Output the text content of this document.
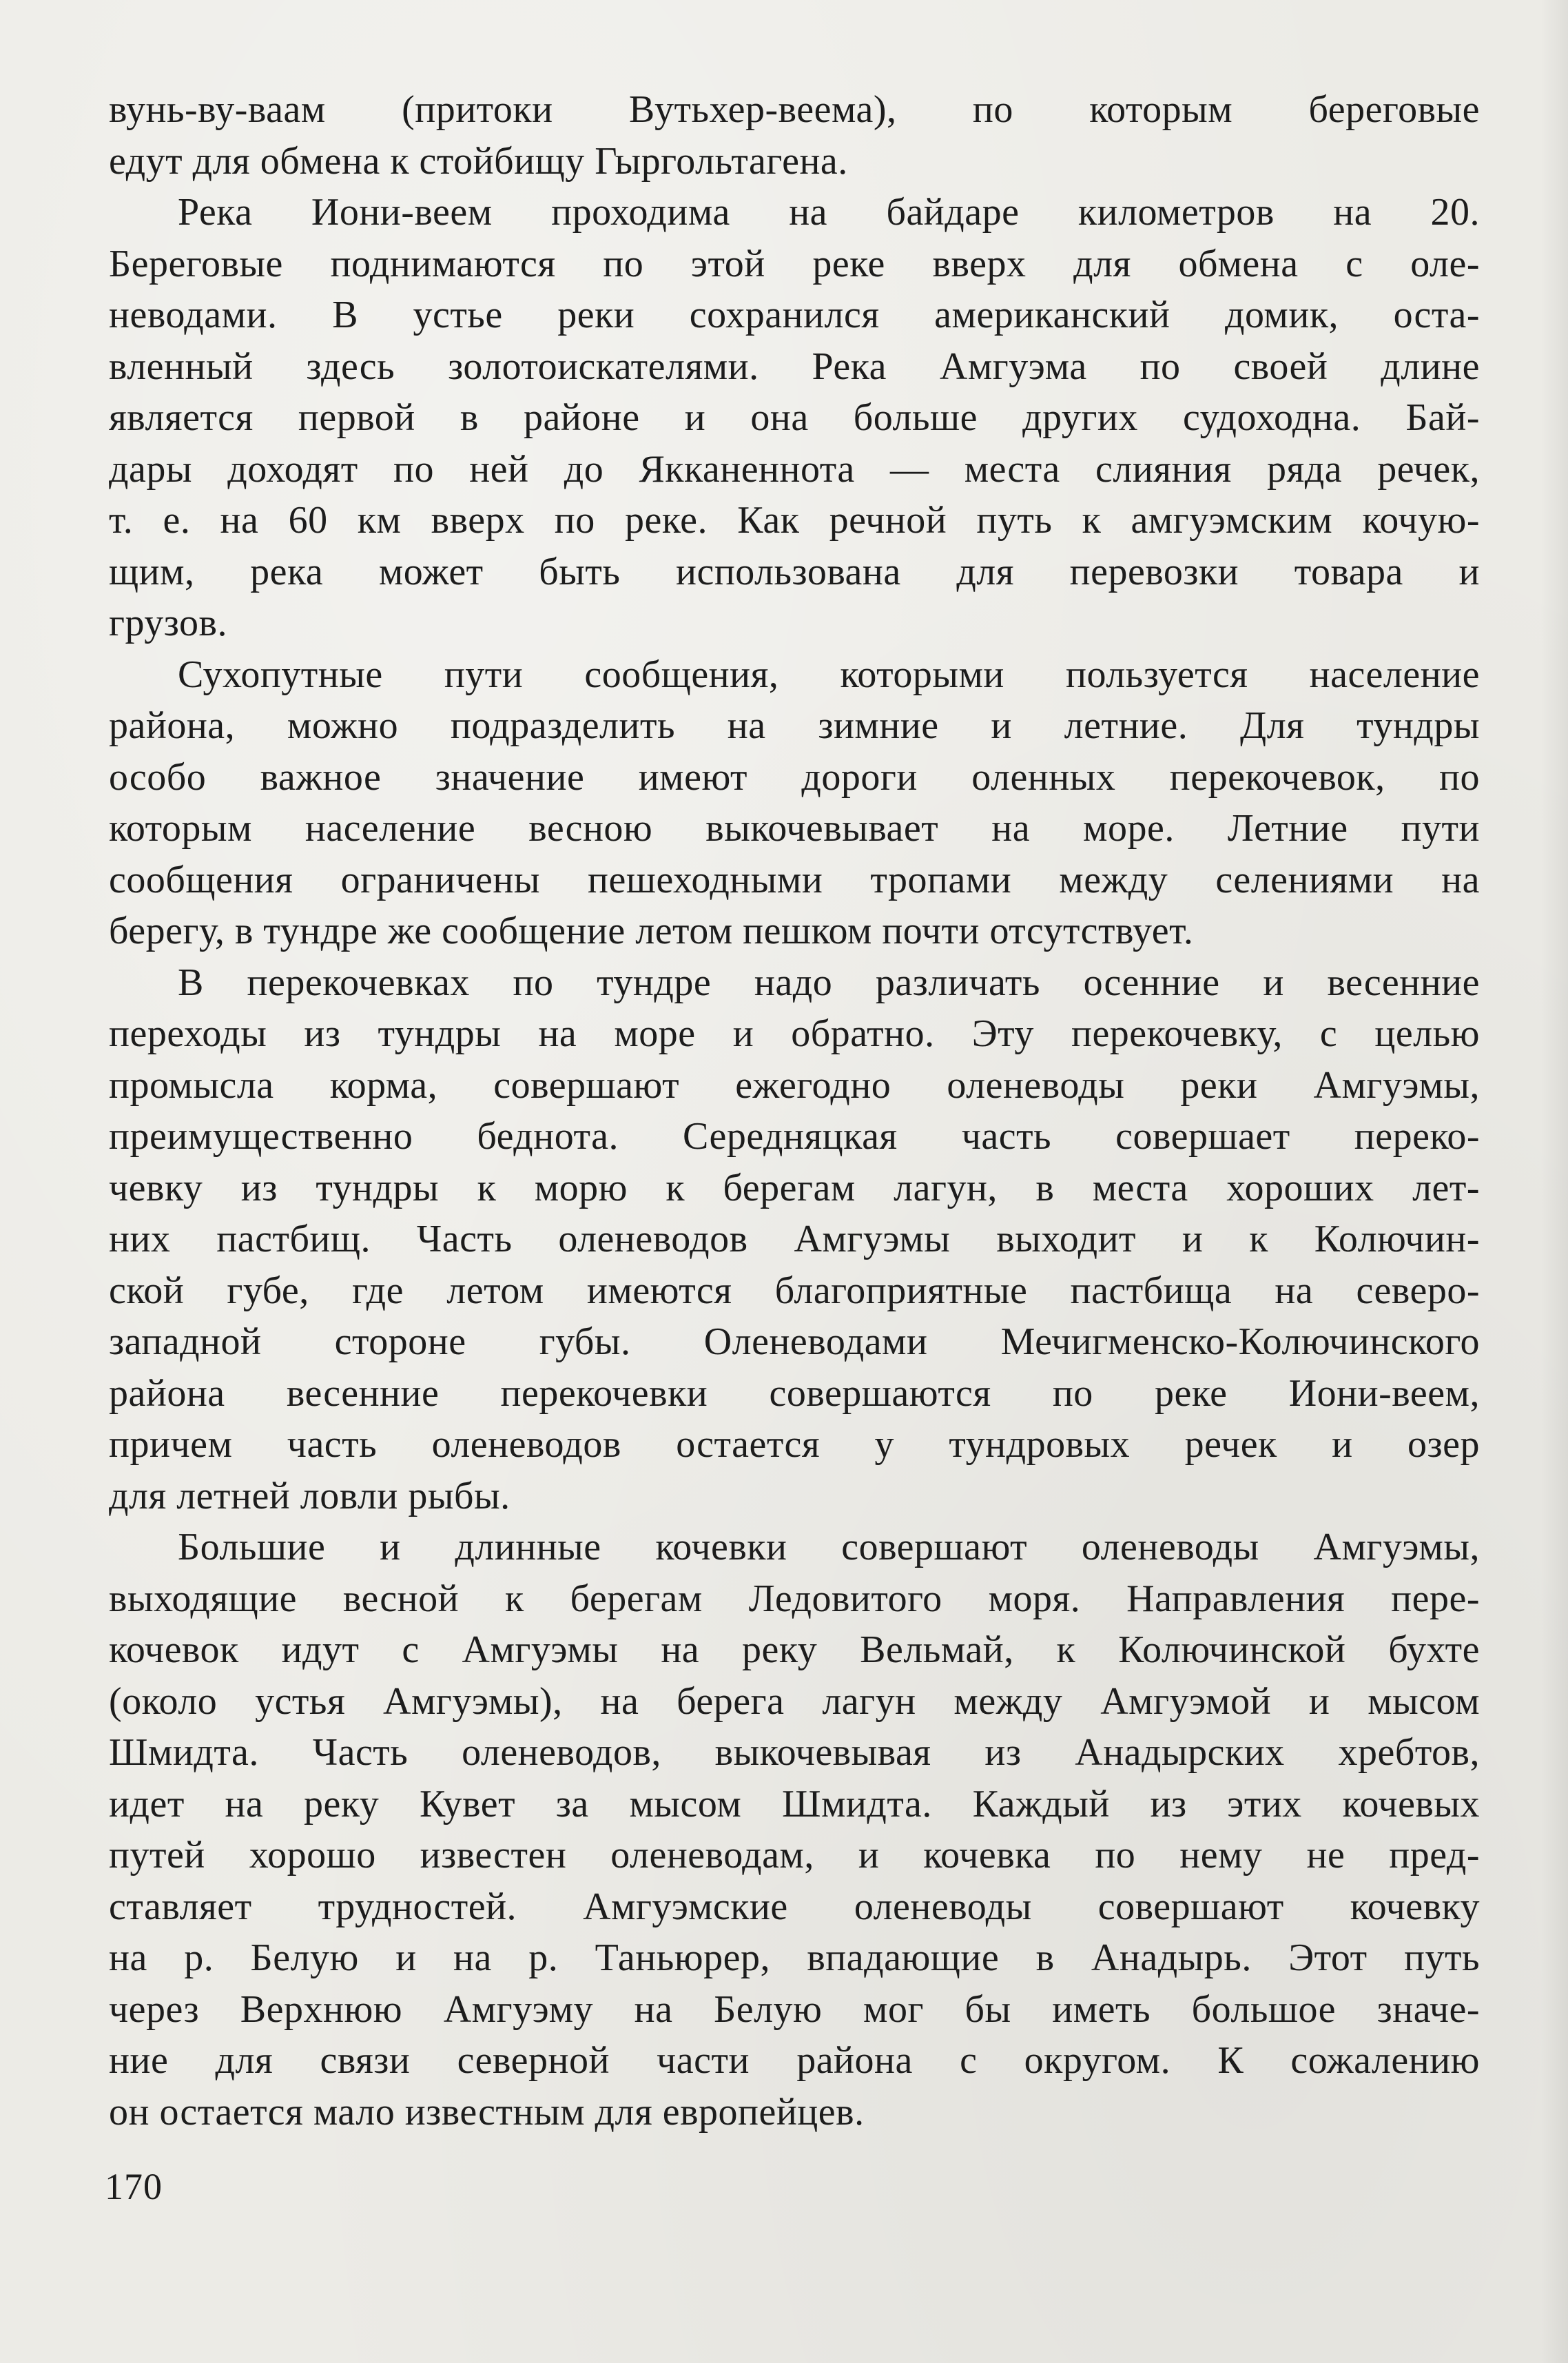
вунь-ву-ваам (притоки Вутьхер-веема), по которым береговые
едут для обмена к стойбищу Гыргольтагена.
Река Иони-веем проходима на байдаре километров на 20.
Береговые поднимаются по этой реке вверх для обмена с оле-
неводами. В устье реки сохранился американский домик, оста-
вленный здесь золотоискателями. Река Амгуэма по своей длине
является первой в районе и она больше других судоходна. Бай-
дары доходят по ней до Якканеннота — места слияния ряда речек,
т. е. на 60 км вверх по реке. Как речной путь к амгуэмским кочую-
щим, река может быть использована для перевозки товара и
грузов.
Сухопутные пути сообщения, которыми пользуется население
района, можно подразделить на зимние и летние. Для тундры
особо важное значение имеют дороги оленных перекочевок, по
которым население весною выкочевывает на море. Летние пути
сообщения ограничены пешеходными тропами между селениями на
берегу, в тундре же сообщение летом пешком почти отсутствует.
В перекочевках по тундре надо различать осенние и весенние
переходы из тундры на море и обратно. Эту перекочевку, с целью
промысла корма, совершают ежегодно оленеводы реки Амгуэмы,
преимущественно беднота. Середняцкая часть совершает переко-
чевку из тундры к морю к берегам лагун, в места хороших лет-
них пастбищ. Часть оленеводов Амгуэмы выходит и к Колючин-
ской губе, где летом имеются благоприятные пастбища на северо-
западной стороне губы. Оленеводами Мечигменско-Колючинского
района весенние перекочевки совершаются по реке Иони-веем,
причем часть оленеводов остается у тундровых речек и озер
для летней ловли рыбы.
Большие и длинные кочевки совершают оленеводы Амгуэмы,
выходящие весной к берегам Ледовитого моря. Направления пере-
кочевок идут с Амгуэмы на реку Вельмай, к Колючинской бухте
(около устья Амгуэмы), на берега лагун между Амгуэмой и мысом
Шмидта. Часть оленеводов, выкочевывая из Анадырских хребтов,
идет на реку Кувет за мысом Шмидта. Каждый из этих кочевых
путей хорошо известен оленеводам, и кочевка по нему не пред-
ставляет трудностей. Амгуэмские оленеводы совершают кочевку
на р. Белую и на р. Таньюрер, впадающие в Анадырь. Этот путь
через Верхнюю Амгуэму на Белую мог бы иметь большое значе-
ние для связи северной части района с округом. К сожалению
он остается мало известным для европейцев.
170
